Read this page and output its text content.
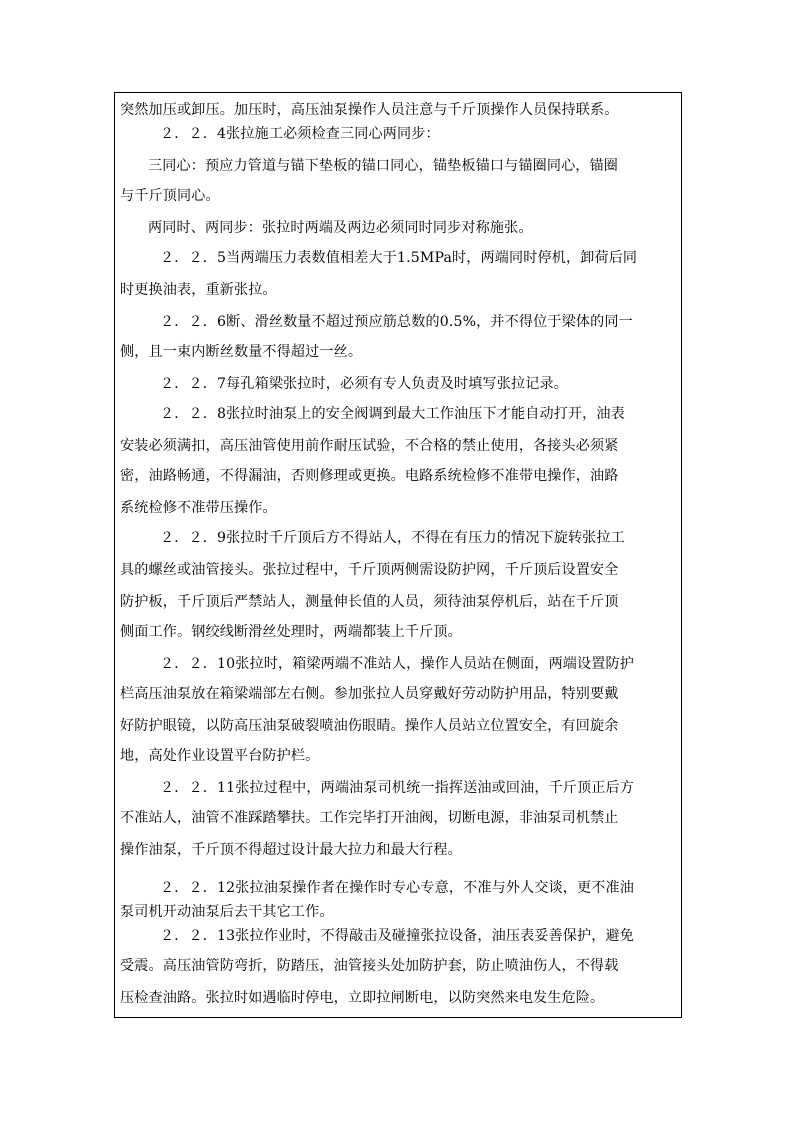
突然加压或卸压。加压时，高压油泵操作人员注意与千斤顶操作人员保持联系。
２．２．4张拉施工必须检查三同心两同步：
三同心：预应力管道与锚下垫板的锚口同心，锚垫板锚口与锚圈同心，锚圈
与千斤顶同心。
两同时、两同步：张拉时两端及两边必须同时同步对称施张。
２．２．5当两端压力表数值相差大于1.5MPa时，两端同时停机，卸荷后同
时更换油表，重新张拉。
２．２．6断、滑丝数量不超过预应筋总数的0.5%，并不得位于梁体的同一
侧，且一束内断丝数量不得超过一丝。
２．２．7每孔箱梁张拉时，必须有专人负责及时填写张拉记录。
２．２．8张拉时油泵上的安全阀调到最大工作油压下才能自动打开，油表
安装必须满扣，高压油管使用前作耐压试验，不合格的禁止使用，各接头必须紧
密，油路畅通，不得漏油，否则修理或更换。电路系统检修不准带电操作，油路
系统检修不准带压操作。
２．２．9张拉时千斤顶后方不得站人，不得在有压力的情况下旋转张拉工
具的螺丝或油管接头。张拉过程中，千斤顶两侧需设防护网，千斤顶后设置安全
防护板，千斤顶后严禁站人，测量伸长值的人员，须待油泵停机后，站在千斤顶
侧面工作。钢绞线断滑丝处理时，两端都装上千斤顶。
２．２．10张拉时，箱梁两端不准站人，操作人员站在侧面，两端设置防护
栏高压油泵放在箱梁端部左右侧。参加张拉人员穿戴好劳动防护用品，特别要戴
好防护眼镜，以防高压油泵破裂喷油伤眼睛。操作人员站立位置安全，有回旋余
地，高处作业设置平台防护栏。
２．２．11张拉过程中，两端油泵司机统一指挥送油或回油，千斤顶正后方
不准站人，油管不准踩踏攀扶。工作完毕打开油阀，切断电源，非油泵司机禁止
操作油泵，千斤顶不得超过设计最大拉力和最大行程。
２．２．12张拉油泵操作者在操作时专心专意，不准与外人交谈，更不准油
泵司机开动油泵后去干其它工作。
２．２．13张拉作业时，不得敲击及碰撞张拉设备，油压表妥善保护，避免
受震。高压油管防弯折，防踏压，油管接头处加防护套，防止喷油伤人，不得载
压检查油路。张拉时如遇临时停电，立即拉闸断电，以防突然来电发生危险。
